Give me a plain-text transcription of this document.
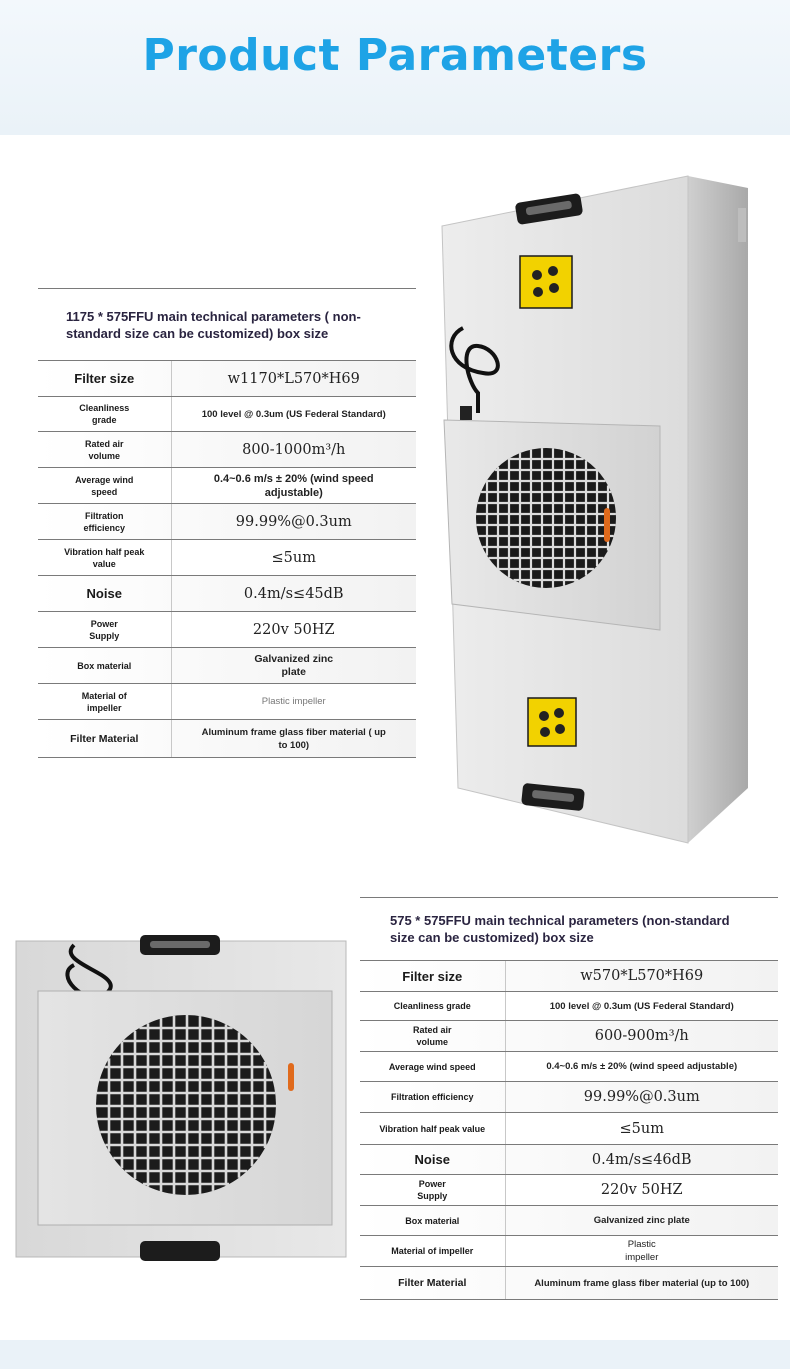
Product Parameters
1175 * 575FFU main technical parameters ( non-standard size can be customized) box size	
Filter size	w1170*L570*H69
Cleanliness grade	100 level @ 0.3um (US Federal Standard)
Rated air volume	800-1000m³/h
Average wind speed	0.4~0.6 m/s ± 20% (wind speed adjustable)
Filtration efficiency	99.99%@0.3um
Vibration half peak value	≤5um
Noise	0.4m/s≤45dB
Power Supply	220v 50HZ
Box material	Galvanized zinc plate
Material of impeller	Plastic impeller
Filter Material	Aluminum frame glass fiber material ( up to 100)
575 * 575FFU main technical parameters (non-standard size can be customized) box size	
Filter size	w570*L570*H69
Cleanliness grade	100 level @ 0.3um (US Federal Standard)
Rated air volume	600-900m³/h
Average wind speed	0.4~0.6 m/s ± 20% (wind speed adjustable)
Filtration efficiency	99.99%@0.3um
Vibration half peak value	≤5um
Noise	0.4m/s≤46dB
Power Supply	220v 50HZ
Box material	Galvanized zinc plate
Material of impeller	Plastic impeller
Filter Material	Aluminum frame glass fiber material (up to 100)
